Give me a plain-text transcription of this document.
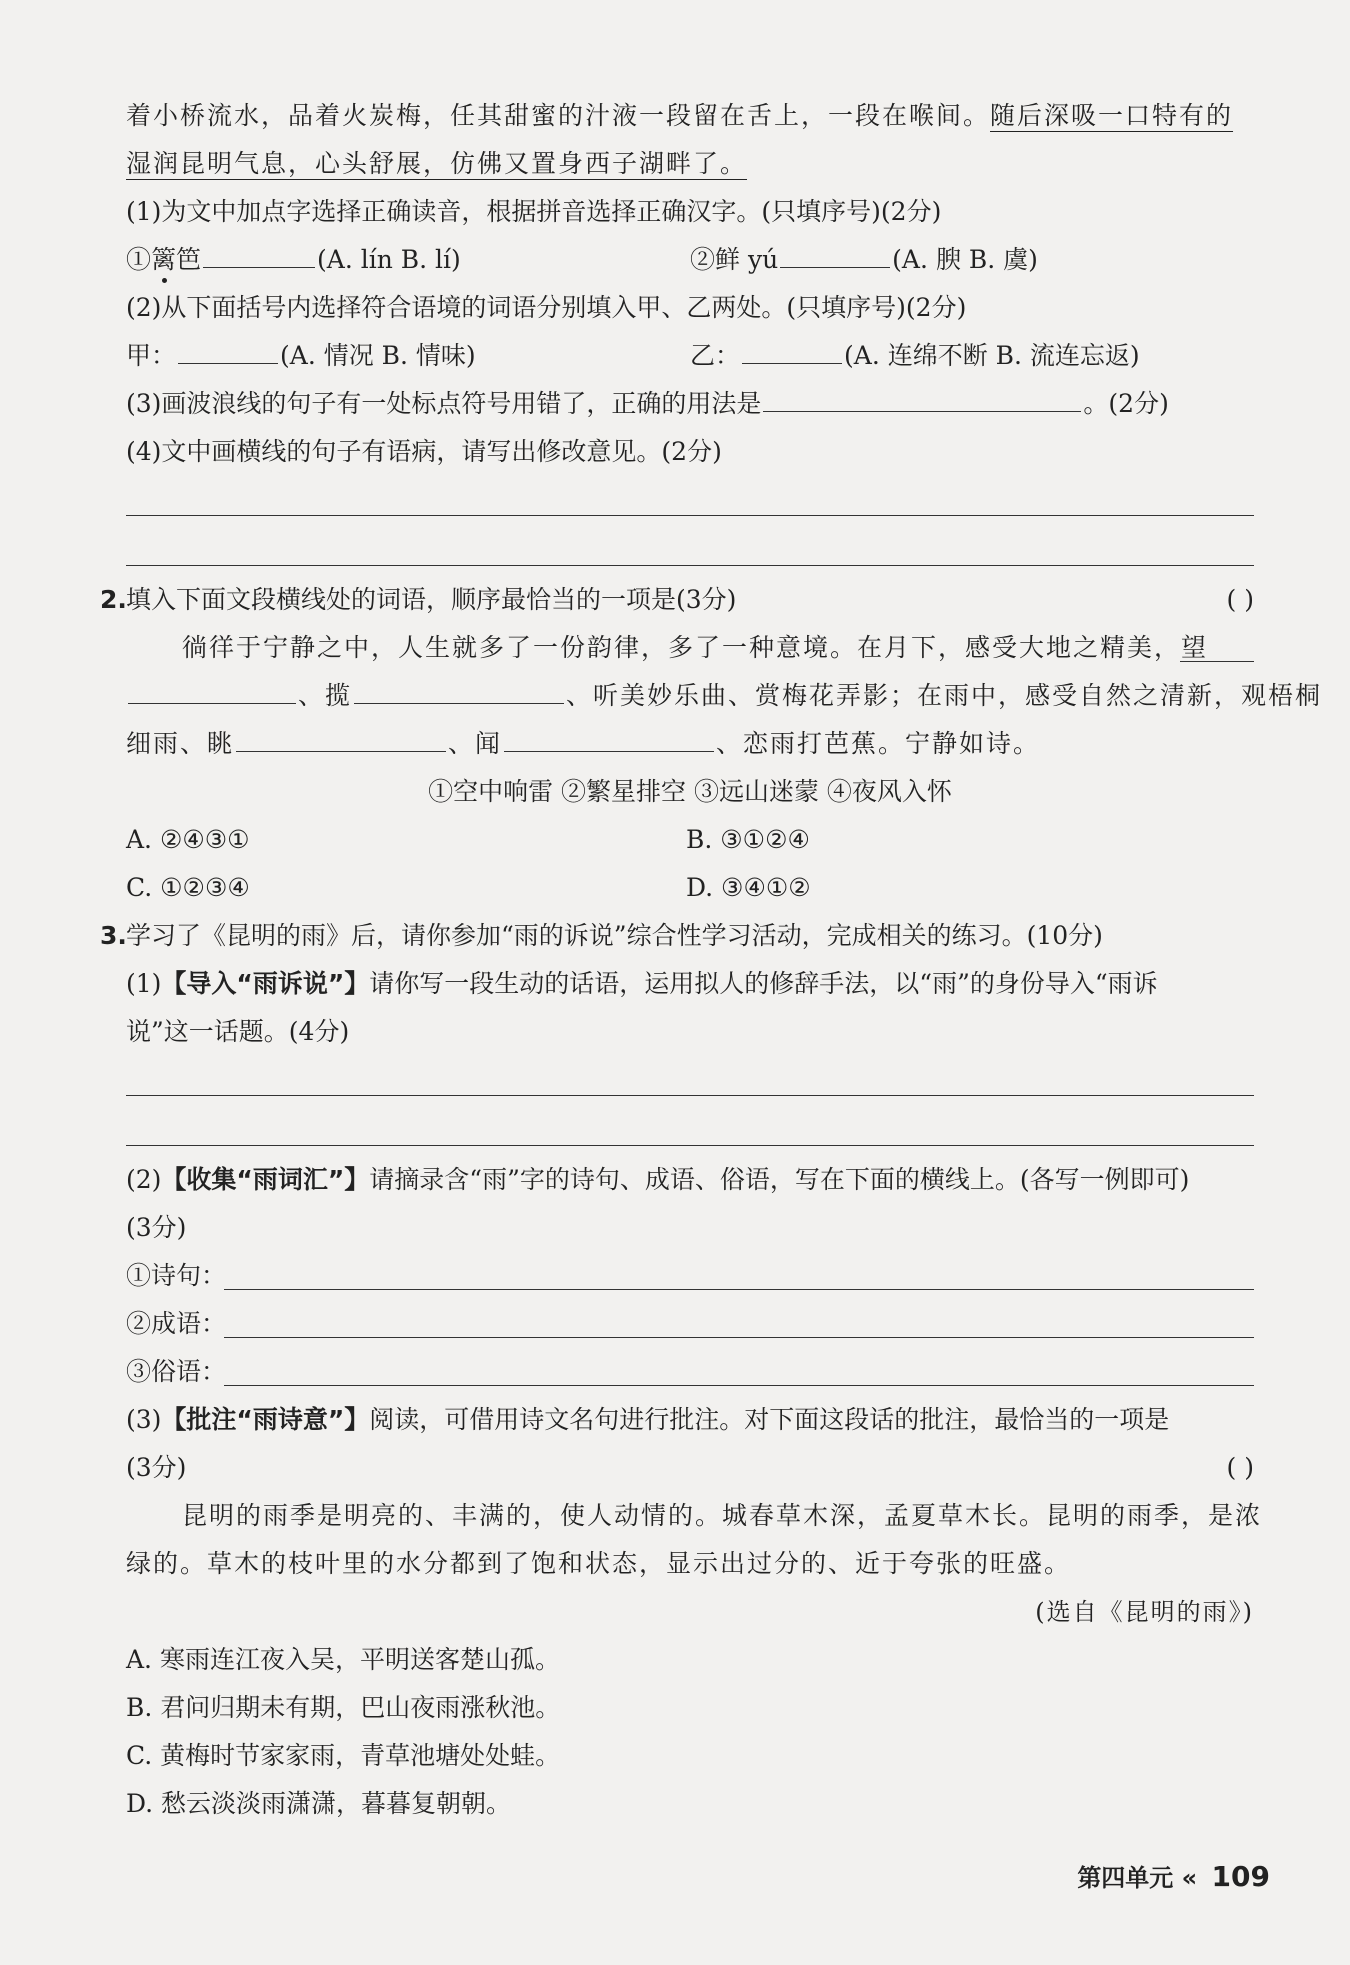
着小桥流水，品着火炭梅，任其甜蜜的汁液一段留在舌上，一段在喉间。随后深吸一口特有的
湿润昆明气息，心头舒展，仿佛又置身西子湖畔了。
(1)为文中加点字选择正确读音，根据拼音选择正确汉字。(只填序号)(2分)
①篱笆	(A. lín B. lí)	②鲜 yú	(A. 腴 B. 虞)
(2)从下面括号内选择符合语境的词语分别填入甲、乙两处。(只填序号)(2分)
甲：	(A. 情况 B. 情味)	乙：	(A. 连绵不断 B. 流连忘返)
(3)画波浪线的句子有一处标点符号用错了，正确的用法是	。(2分)
(4)文中画横线的句子有语病，请写出修改意见。(2分)
2. 填入下面文段横线处的词语，顺序最恰当的一项是(3分)	( )
徜徉于宁静之中，人生就多了一份韵律，多了一种意境。在月下，感受大地之精美，望
、揽	、听美妙乐曲、赏梅花弄影；在雨中，感受自然之清新，观梧桐
细雨、眺	、闻	、恋雨打芭蕉。宁静如诗。
①空中响雷 ②繁星排空 ③远山迷蒙 ④夜风入怀
A. ②④③①	B. ③①②④
C. ①②③④	D. ③④①②
3. 学习了《昆明的雨》后，请你参加“雨的诉说”综合性学习活动，完成相关的练习。(10分)
(1)【导入“雨诉说”】请你写一段生动的话语，运用拟人的修辞手法，以“雨”的身份导入“雨诉
说”这一话题。(4分)
(2)【收集“雨词汇”】请摘录含“雨”字的诗句、成语、俗语，写在下面的横线上。(各写一例即可)
(3分)
①诗句：
②成语：
③俗语：
(3)【批注“雨诗意”】阅读，可借用诗文名句进行批注。对下面这段话的批注，最恰当的一项是
(3分)	( )
昆明的雨季是明亮的、丰满的，使人动情的。城春草木深，孟夏草木长。昆明的雨季，是浓
绿的。草木的枝叶里的水分都到了饱和状态，显示出过分的、近于夸张的旺盛。
(选自《昆明的雨》)
A. 寒雨连江夜入吴，平明送客楚山孤。
B. 君问归期未有期，巴山夜雨涨秋池。
C. 黄梅时节家家雨，青草池塘处处蛙。
D. 愁云淡淡雨潇潇，暮暮复朝朝。
第四单元 « 109
